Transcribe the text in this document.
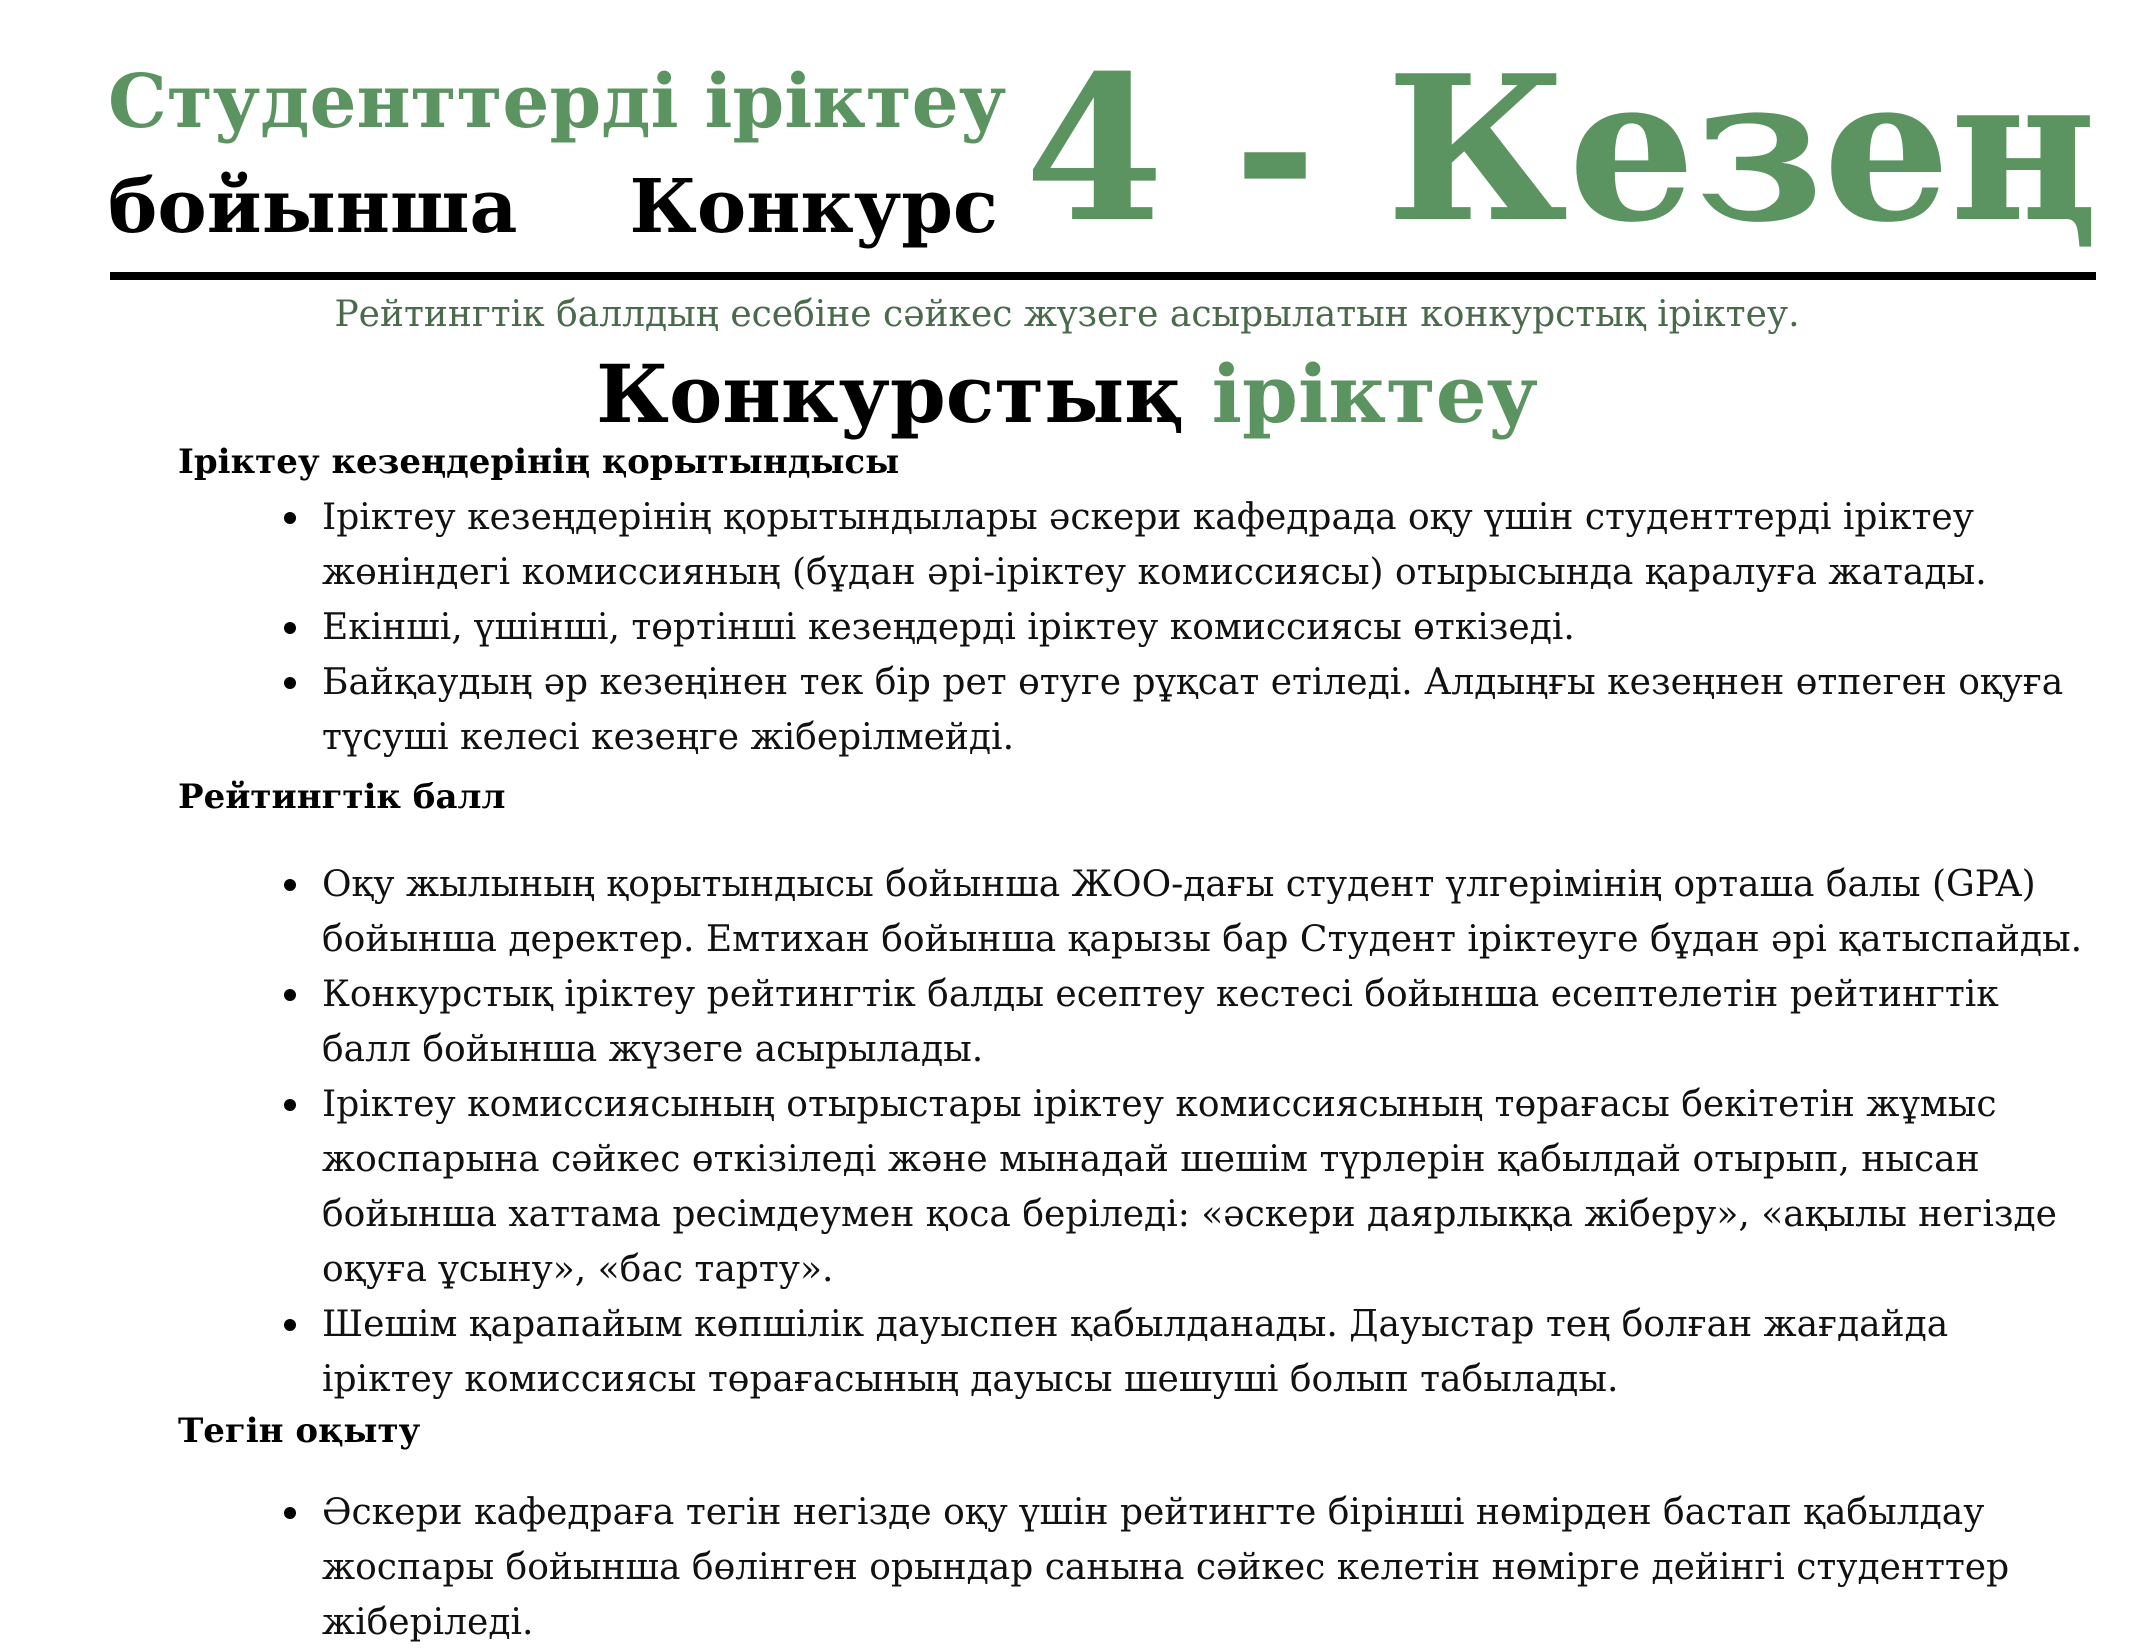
Студенттерді іріктеу
бойынша Конкурс 4 - Кезең
Рейтингтік баллдың есебіне сәйкес жүзеге асырылатын конкурстық іріктеу.
Конкурстық іріктеу
Іріктеу кезеңдерінің қорытындысы
Іріктеу кезеңдерінің қорытындылары әскери кафедрада оқу үшін студенттерді іріктеу жөніндегі комиссияның (бұдан әрі-іріктеу комиссиясы) отырысында қаралуға жатады.
Екінші, үшінші, төртінші кезеңдерді іріктеу комиссиясы өткізеді.
Байқаудың әр кезеңінен тек бір рет өтуге рұқсат етіледі. Алдыңғы кезеңнен өтпеген оқуға түсуші келесі кезеңге жіберілмейді.
Рейтингтік балл
Оқу жылының қорытындысы бойынша ЖОО-дағы студент үлгерімінің орташа балы (GPA) бойынша деректер. Емтихан бойынша қарызы бар Студент іріктеуге бұдан әрі қатыспайды.
Конкурстық іріктеу рейтингтік балды есептеу кестесі бойынша есептелетін рейтингтік балл бойынша жүзеге асырылады.
Іріктеу комиссиясының отырыстары іріктеу комиссиясының төрағасы бекітетін жұмыс жоспарына сәйкес өткізіледі және мынадай шешім түрлерін қабылдай отырып, нысан бойынша хаттама ресімдеумен қоса беріледі: «әскери даярлыққа жіберу», «ақылы негізде оқуға ұсыну», «бас тарту».
Шешім қарапайым көпшілік дауыспен қабылданады. Дауыстар тең болған жағдайда іріктеу комиссиясы төрағасының дауысы шешуші болып табылады.
Тегін оқыту
Әскери кафедраға тегін негізде оқу үшін рейтингте бірінші нөмірден бастап қабылдау жоспары бойынша бөлінген орындар санына сәйкес келетін нөмірге дейінгі студенттер жіберіледі.
